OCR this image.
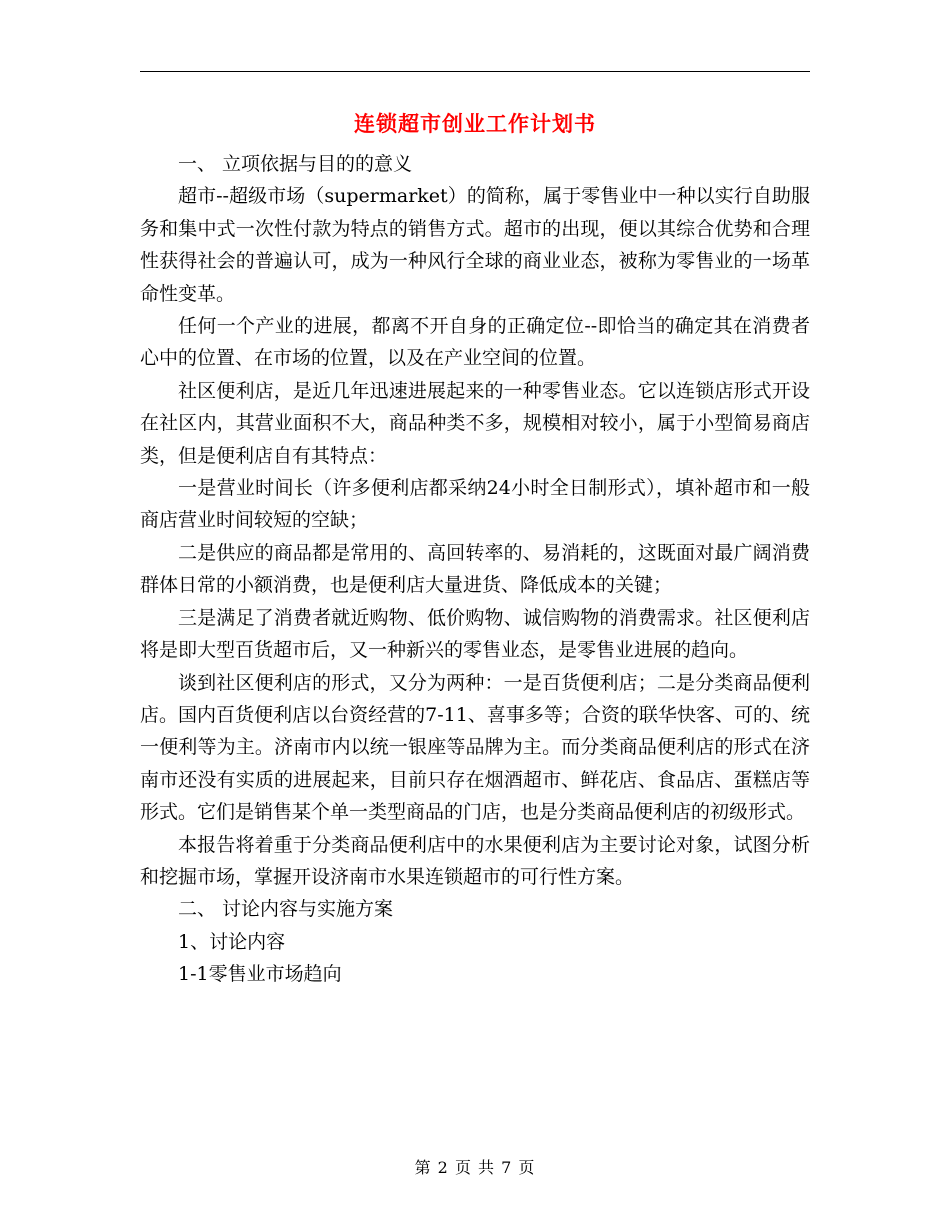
连锁超市创业工作计划书

一、 立项依据与目的的意义

超市--超级市场（supermarket）的简称，属于零售业中一种以实行自助服务和集中式一次性付款为特点的销售方式。超市的出现，便以其综合优势和合理性获得社会的普遍认可，成为一种风行全球的商业业态，被称为零售业的一场革命性变革。

任何一个产业的进展，都离不开自身的正确定位--即恰当的确定其在消费者心中的位置、在市场的位置，以及在产业空间的位置。

社区便利店，是近几年迅速进展起来的一种零售业态。它以连锁店形式开设在社区内，其营业面积不大，商品种类不多，规模相对较小，属于小型简易商店类，但是便利店自有其特点：

一是营业时间长（许多便利店都采纳24小时全日制形式），填补超市和一般商店营业时间较短的空缺；

二是供应的商品都是常用的、高回转率的、易消耗的，这既面对最广阔消费群体日常的小额消费，也是便利店大量进货、降低成本的关键；

三是满足了消费者就近购物、低价购物、诚信购物的消费需求。社区便利店将是即大型百货超市后，又一种新兴的零售业态，是零售业进展的趋向。

谈到社区便利店的形式，又分为两种：一是百货便利店；二是分类商品便利店。国内百货便利店以台资经营的7-11、喜事多等；合资的联华快客、可的、统一便利等为主。济南市内以统一银座等品牌为主。而分类商品便利店的形式在济南市还没有实质的进展起来，目前只存在烟酒超市、鲜花店、食品店、蛋糕店等形式。它们是销售某个单一类型商品的门店，也是分类商品便利店的初级形式。

本报告将着重于分类商品便利店中的水果便利店为主要讨论对象，试图分析和挖掘市场，掌握开设济南市水果连锁超市的可行性方案。

二、 讨论内容与实施方案

1、讨论内容

1-1零售业市场趋向

第 2 页 共 7 页
